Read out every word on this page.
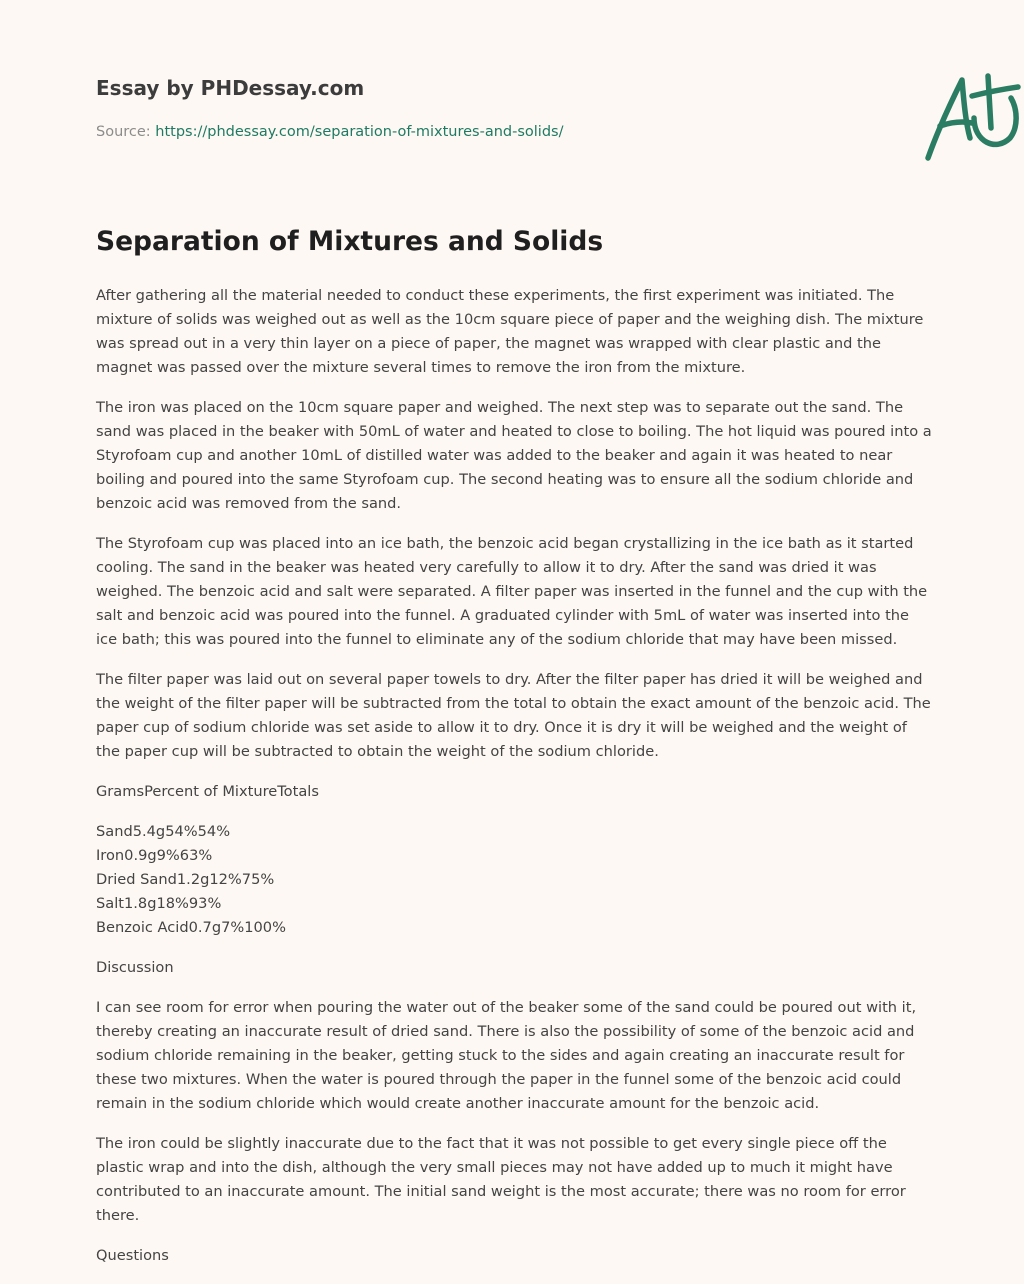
Essay by PHDessay.com

Source: https://phdessay.com/separation-of-mixtures-and-solids/
Separation of Mixtures and Solids

After gathering all the material needed to conduct these experiments, the first experiment was initiated. The mixture of solids was weighed out as well as the 10cm square piece of paper and the weighing dish. The mixture was spread out in a very thin layer on a piece of paper, the magnet was wrapped with clear plastic and the magnet was passed over the mixture several times to remove the iron from the mixture.

The iron was placed on the 10cm square paper and weighed. The next step was to separate out the sand. The sand was placed in the beaker with 50mL of water and heated to close to boiling. The hot liquid was poured into a Styrofoam cup and another 10mL of distilled water was added to the beaker and again it was heated to near boiling and poured into the same Styrofoam cup. The second heating was to ensure all the sodium chloride and benzoic acid was removed from the sand.

The Styrofoam cup was placed into an ice bath, the benzoic acid began crystallizing in the ice bath as it started cooling. The sand in the beaker was heated very carefully to allow it to dry. After the sand was dried it was weighed. The benzoic acid and salt were separated. A filter paper was inserted in the funnel and the cup with the salt and benzoic acid was poured into the funnel. A graduated cylinder with 5mL of water was inserted into the ice bath; this was poured into the funnel to eliminate any of the sodium chloride that may have been missed.

The filter paper was laid out on several paper towels to dry. After the filter paper has dried it will be weighed and the weight of the filter paper will be subtracted from the total to obtain the exact amount of the benzoic acid. The paper cup of sodium chloride was set aside to allow it to dry. Once it is dry it will be weighed and the weight of the paper cup will be subtracted to obtain the weight of the sodium chloride.

GramsPercent of MixtureTotals

Sand5.4g54%54%
Iron0.9g9%63%
Dried Sand1.2g12%75%
Salt1.8g18%93%
Benzoic Acid0.7g7%100%

Discussion

I can see room for error when pouring the water out of the beaker some of the sand could be poured out with it, thereby creating an inaccurate result of dried sand. There is also the possibility of some of the benzoic acid and sodium chloride remaining in the beaker, getting stuck to the sides and again creating an inaccurate result for these two mixtures. When the water is poured through the paper in the funnel some of the benzoic acid could remain in the sodium chloride which would create another inaccurate amount for the benzoic acid.

The iron could be slightly inaccurate due to the fact that it was not possible to get every single piece off the plastic wrap and into the dish, although the very small pieces may not have added up to much it might have contributed to an inaccurate amount. The initial sand weight is the most accurate; there was no room for error there.

Questions
